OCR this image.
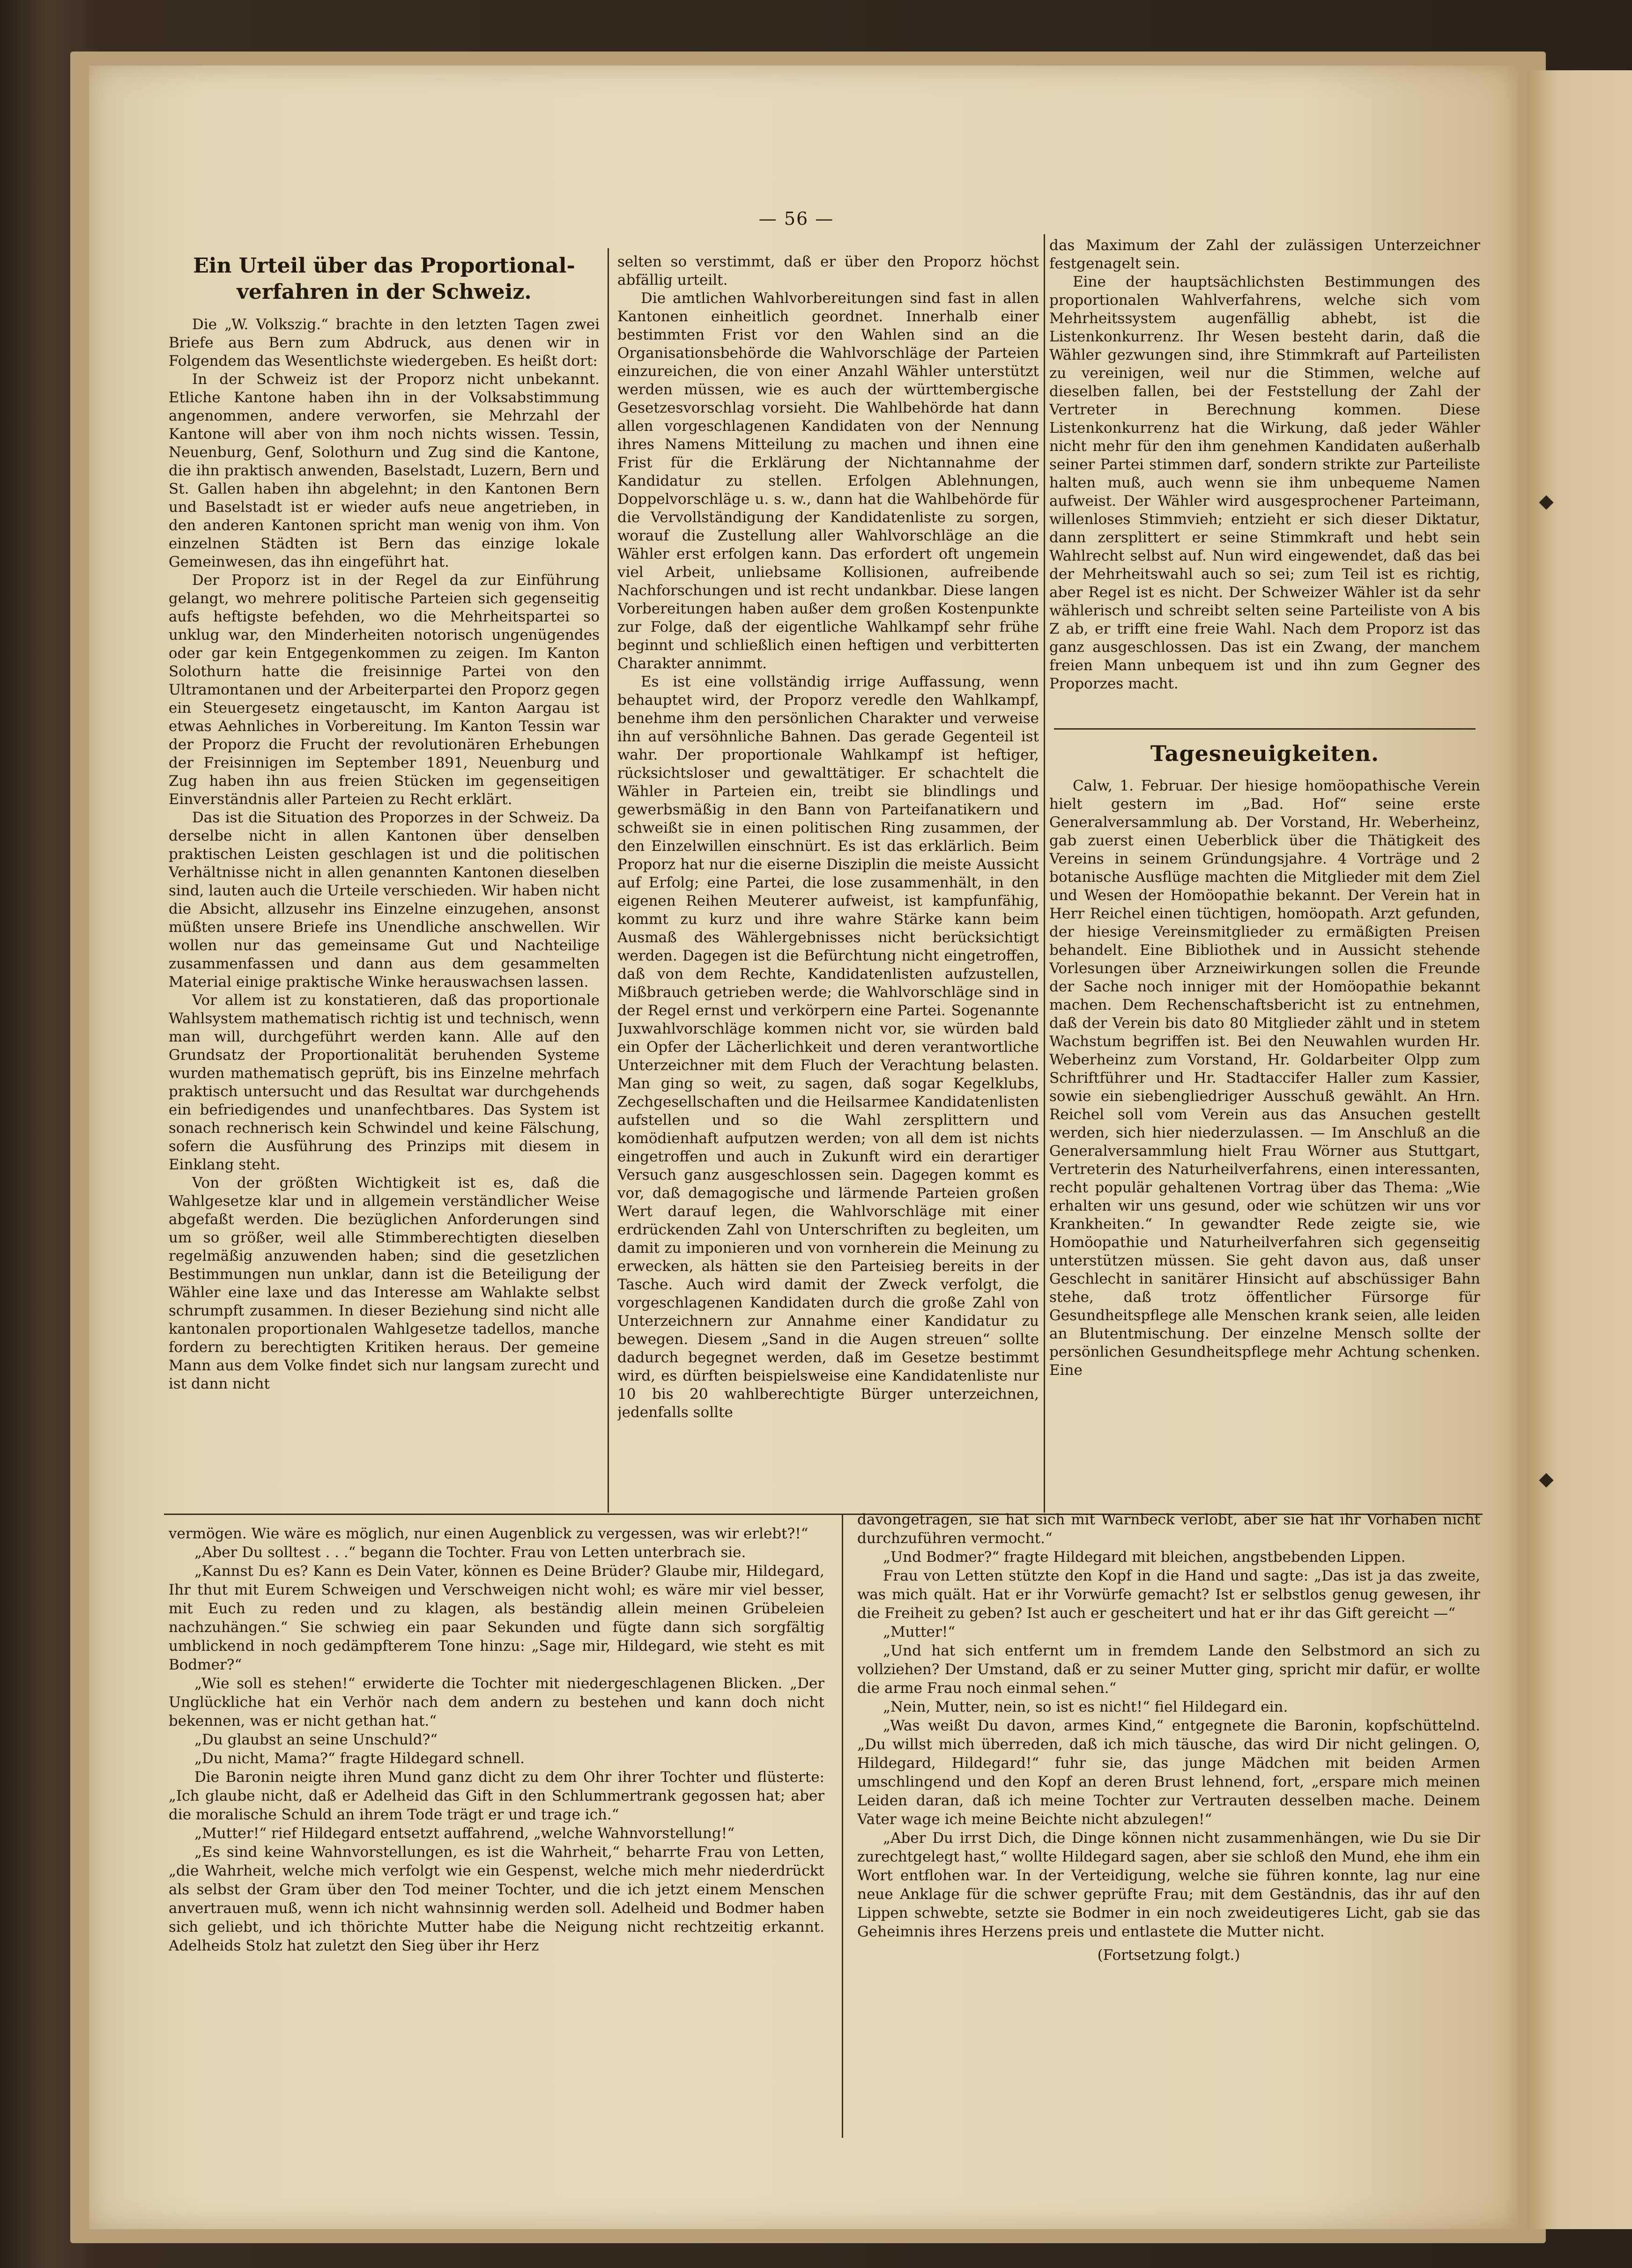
— 56 —
Ein Urteil über das Proportional-verfahren in der Schweiz.

Die „W. Volkszig.“ brachte in den letzten Tagen zwei Briefe aus Bern zum Abdruck, aus denen wir in Folgendem das Wesentlichste wiedergeben. Es heißt dort:

In der Schweiz ist der Proporz nicht unbekannt. Etliche Kantone haben ihn in der Volksabstimmung angenommen, andere verworfen, sie Mehrzahl der Kantone will aber von ihm noch nichts wissen. Tessin, Neuenburg, Genf, Solothurn und Zug sind die Kantone, die ihn praktisch anwenden, Baselstadt, Luzern, Bern und St. Gallen haben ihn abgelehnt; in den Kantonen Bern und Baselstadt ist er wieder aufs neue angetrieben, in den anderen Kantonen spricht man wenig von ihm. Von einzelnen Städten ist Bern das einzige lokale Gemeinwesen, das ihn eingeführt hat.

Der Proporz ist in der Regel da zur Einführung gelangt, wo mehrere politische Parteien sich gegenseitig aufs heftigste befehden, wo die Mehrheitspartei so unklug war, den Minderheiten notorisch ungenügendes oder gar kein Entgegenkommen zu zeigen. Im Kanton Solothurn hatte die freisinnige Partei von den Ultramontanen und der Arbeiterpartei den Proporz gegen ein Steuergesetz eingetauscht, im Kanton Aargau ist etwas Aehnliches in Vorbereitung. Im Kanton Tessin war der Proporz die Frucht der revolutionären Erhebungen der Freisinnigen im September 1891, Neuenburg und Zug haben ihn aus freien Stücken im gegenseitigen Einverständnis aller Parteien zu Recht erklärt.

Das ist die Situation des Proporzes in der Schweiz. Da derselbe nicht in allen Kantonen über denselben praktischen Leisten geschlagen ist und die politischen Verhältnisse nicht in allen genannten Kantonen dieselben sind, lauten auch die Urteile verschieden. Wir haben nicht die Absicht, allzusehr ins Einzelne einzugehen, ansonst müßten unsere Briefe ins Unendliche anschwellen. Wir wollen nur das gemeinsame Gut und Nachteilige zusammenfassen und dann aus dem gesammelten Material einige praktische Winke herauswachsen lassen.

Vor allem ist zu konstatieren, daß das proportionale Wahlsystem mathematisch richtig ist und technisch, wenn man will, durchgeführt werden kann. Alle auf den Grundsatz der Proportionalität beruhenden Systeme wurden mathematisch geprüft, bis ins Einzelne mehrfach praktisch untersucht und das Resultat war durchgehends ein befriedigendes und unanfechtbares. Das System ist sonach rechnerisch kein Schwindel und keine Fälschung, sofern die Ausführung des Prinzips mit diesem in Einklang steht.

Von der größten Wichtigkeit ist es, daß die Wahlgesetze klar und in allgemein verständlicher Weise abgefaßt werden. Die bezüglichen Anforderungen sind um so größer, weil alle Stimmberechtigten dieselben regelmäßig anzuwenden haben; sind die gesetzlichen Bestimmungen nun unklar, dann ist die Beteiligung der Wähler eine laxe und das Interesse am Wahlakte selbst schrumpft zusammen. In dieser Beziehung sind nicht alle kantonalen proportionalen Wahlgesetze tadellos, manche fordern zu berechtigten Kritiken heraus. Der gemeine Mann aus dem Volke findet sich nur langsam zurecht und ist dann nicht

selten so verstimmt, daß er über den Proporz höchst abfällig urteilt.

Die amtlichen Wahlvorbereitungen sind fast in allen Kantonen einheitlich geordnet. Innerhalb einer bestimmten Frist vor den Wahlen sind an die Organisationsbehörde die Wahlvorschläge der Parteien einzureichen, die von einer Anzahl Wähler unterstützt werden müssen, wie es auch der württembergische Gesetzesvorschlag vorsieht. Die Wahlbehörde hat dann allen vorgeschlagenen Kandidaten von der Nennung ihres Namens Mitteilung zu machen und ihnen eine Frist für die Erklärung der Nichtannahme der Kandidatur zu stellen. Erfolgen Ablehnungen, Doppelvorschläge u. s. w., dann hat die Wahlbehörde für die Vervollständigung der Kandidatenliste zu sorgen, worauf die Zustellung aller Wahlvorschläge an die Wähler erst erfolgen kann. Das erfordert oft ungemein viel Arbeit, unliebsame Kollisionen, aufreibende Nachforschungen und ist recht undankbar. Diese langen Vorbereitungen haben außer dem großen Kostenpunkte zur Folge, daß der eigentliche Wahlkampf sehr frühe beginnt und schließlich einen heftigen und verbitterten Charakter annimmt.

Es ist eine vollständig irrige Auffassung, wenn behauptet wird, der Proporz veredle den Wahlkampf, benehme ihm den persönlichen Charakter und verweise ihn auf versöhnliche Bahnen. Das gerade Gegenteil ist wahr. Der proportionale Wahlkampf ist heftiger, rücksichtsloser und gewalttätiger. Er schachtelt die Wähler in Parteien ein, treibt sie blindlings und gewerbsmäßig in den Bann von Parteifanatikern und schweißt sie in einen politischen Ring zusammen, der den Einzelwillen einschnürt. Es ist das erklärlich. Beim Proporz hat nur die eiserne Disziplin die meiste Aussicht auf Erfolg; eine Partei, die lose zusammenhält, in den eigenen Reihen Meuterer aufweist, ist kampfunfähig, kommt zu kurz und ihre wahre Stärke kann beim Ausmaß des Wählergebnisses nicht berücksichtigt werden. Dagegen ist die Befürchtung nicht eingetroffen, daß von dem Rechte, Kandidatenlisten aufzustellen, Mißbrauch getrieben werde; die Wahlvorschläge sind in der Regel ernst und verkörpern eine Partei. Sogenannte Juxwahlvorschläge kommen nicht vor, sie würden bald ein Opfer der Lächerlichkeit und deren verantwortliche Unterzeichner mit dem Fluch der Verachtung belasten. Man ging so weit, zu sagen, daß sogar Kegelklubs, Zechgesellschaften und die Heilsarmee Kandidatenlisten aufstellen und so die Wahl zersplittern und komödienhaft aufputzen werden; von all dem ist nichts eingetroffen und auch in Zukunft wird ein derartiger Versuch ganz ausgeschlossen sein. Dagegen kommt es vor, daß demagogische und lärmende Parteien großen Wert darauf legen, die Wahlvorschläge mit einer erdrückenden Zahl von Unterschriften zu begleiten, um damit zu imponieren und von vornherein die Meinung zu erwecken, als hätten sie den Parteisieg bereits in der Tasche. Auch wird damit der Zweck verfolgt, die vorgeschlagenen Kandidaten durch die große Zahl von Unterzeichnern zur Annahme einer Kandidatur zu bewegen. Diesem „Sand in die Augen streuen“ sollte dadurch begegnet werden, daß im Gesetze bestimmt wird, es dürften beispielsweise eine Kandidatenliste nur 10 bis 20 wahlberechtigte Bürger unterzeichnen, jedenfalls sollte

das Maximum der Zahl der zulässigen Unterzeichner festgenagelt sein.

Eine der hauptsächlichsten Bestimmungen des proportionalen Wahlverfahrens, welche sich vom Mehrheitssystem augenfällig abhebt, ist die Listenkonkurrenz. Ihr Wesen besteht darin, daß die Wähler gezwungen sind, ihre Stimmkraft auf Parteilisten zu vereinigen, weil nur die Stimmen, welche auf dieselben fallen, bei der Feststellung der Zahl der Vertreter in Berechnung kommen. Diese Listenkonkurrenz hat die Wirkung, daß jeder Wähler nicht mehr für den ihm genehmen Kandidaten außerhalb seiner Partei stimmen darf, sondern strikte zur Parteiliste halten muß, auch wenn sie ihm unbequeme Namen aufweist. Der Wähler wird ausgesprochener Parteimann, willenloses Stimmvieh; entzieht er sich dieser Diktatur, dann zersplittert er seine Stimmkraft und hebt sein Wahlrecht selbst auf. Nun wird eingewendet, daß das bei der Mehrheitswahl auch so sei; zum Teil ist es richtig, aber Regel ist es nicht. Der Schweizer Wähler ist da sehr wählerisch und schreibt selten seine Parteiliste von A bis Z ab, er trifft eine freie Wahl. Nach dem Proporz ist das ganz ausgeschlossen. Das ist ein Zwang, der manchem freien Mann unbequem ist und ihn zum Gegner des Proporzes macht.

Tagesneuigkeiten.

Calw, 1. Februar. Der hiesige homöopathische Verein hielt gestern im „Bad. Hof“ seine erste Generalversammlung ab. Der Vorstand, Hr. Weberheinz, gab zuerst einen Ueberblick über die Thätigkeit des Vereins in seinem Gründungsjahre. 4 Vorträge und 2 botanische Ausflüge machten die Mitglieder mit dem Ziel und Wesen der Homöopathie bekannt. Der Verein hat in Herr Reichel einen tüchtigen, homöopath. Arzt gefunden, der hiesige Vereinsmitglieder zu ermäßigten Preisen behandelt. Eine Bibliothek und in Aussicht stehende Vorlesungen über Arzneiwirkungen sollen die Freunde der Sache noch inniger mit der Homöopathie bekannt machen. Dem Rechenschaftsbericht ist zu entnehmen, daß der Verein bis dato 80 Mitglieder zählt und in stetem Wachstum begriffen ist. Bei den Neuwahlen wurden Hr. Weberheinz zum Vorstand, Hr. Goldarbeiter Olpp zum Schriftführer und Hr. Stadtaccifer Haller zum Kassier, sowie ein siebengliedriger Ausschuß gewählt. An Hrn. Reichel soll vom Verein aus das Ansuchen gestellt werden, sich hier niederzulassen. — Im Anschluß an die Generalversammlung hielt Frau Wörner aus Stuttgart, Vertreterin des Naturheilverfahrens, einen interessanten, recht populär gehaltenen Vortrag über das Thema: „Wie erhalten wir uns gesund, oder wie schützen wir uns vor Krankheiten.“ In gewandter Rede zeigte sie, wie Homöopathie und Naturheilverfahren sich gegenseitig unterstützen müssen. Sie geht davon aus, daß unser Geschlecht in sanitärer Hinsicht auf abschüssiger Bahn stehe, daß trotz öffentlicher Fürsorge für Gesundheitspflege alle Menschen krank seien, alle leiden an Blutentmischung. Der einzelne Mensch sollte der persönlichen Gesundheitspflege mehr Achtung schenken. Eine

vermögen. Wie wäre es möglich, nur einen Augenblick zu vergessen, was wir erlebt?!“

„Aber Du solltest . . .“ begann die Tochter. Frau von Letten unterbrach sie.

„Kannst Du es? Kann es Dein Vater, können es Deine Brüder? Glaube mir, Hildegard, Ihr thut mit Eurem Schweigen und Verschweigen nicht wohl; es wäre mir viel besser, mit Euch zu reden und zu klagen, als beständig allein meinen Grübeleien nachzuhängen.“ Sie schwieg ein paar Sekunden und fügte dann sich sorgfältig umblickend in noch gedämpfterem Tone hinzu: „Sage mir, Hildegard, wie steht es mit Bodmer?“

„Wie soll es stehen!“ erwiderte die Tochter mit niedergeschlagenen Blicken. „Der Unglückliche hat ein Verhör nach dem andern zu bestehen und kann doch nicht bekennen, was er nicht gethan hat.“

„Du glaubst an seine Unschuld?“

„Du nicht, Mama?“ fragte Hildegard schnell.

Die Baronin neigte ihren Mund ganz dicht zu dem Ohr ihrer Tochter und flüsterte: „Ich glaube nicht, daß er Adelheid das Gift in den Schlummertrank gegossen hat; aber die moralische Schuld an ihrem Tode trägt er und trage ich.“

„Mutter!“ rief Hildegard entsetzt auffahrend, „welche Wahnvorstellung!“

„Es sind keine Wahnvorstellungen, es ist die Wahrheit,“ beharrte Frau von Letten, „die Wahrheit, welche mich verfolgt wie ein Gespenst, welche mich mehr niederdrückt als selbst der Gram über den Tod meiner Tochter, und die ich jetzt einem Menschen anvertrauen muß, wenn ich nicht wahnsinnig werden soll. Adelheid und Bodmer haben sich geliebt, und ich thörichte Mutter habe die Neigung nicht rechtzeitig erkannt. Adelheids Stolz hat zuletzt den Sieg über ihr Herz

davongetragen, sie hat sich mit Warnbeck verlobt, aber sie hat ihr Vorhaben nicht durchzuführen vermocht.“

„Und Bodmer?“ fragte Hildegard mit bleichen, angstbebenden Lippen.

Frau von Letten stützte den Kopf in die Hand und sagte: „Das ist ja das zweite, was mich quält. Hat er ihr Vorwürfe gemacht? Ist er selbstlos genug gewesen, ihr die Freiheit zu geben? Ist auch er gescheitert und hat er ihr das Gift gereicht —“

„Mutter!“

„Und hat sich entfernt um in fremdem Lande den Selbstmord an sich zu vollziehen? Der Umstand, daß er zu seiner Mutter ging, spricht mir dafür, er wollte die arme Frau noch einmal sehen.“

„Nein, Mutter, nein, so ist es nicht!“ fiel Hildegard ein.

„Was weißt Du davon, armes Kind,“ entgegnete die Baronin, kopfschüttelnd. „Du willst mich überreden, daß ich mich täusche, das wird Dir nicht gelingen. O, Hildegard, Hildegard!“ fuhr sie, das junge Mädchen mit beiden Armen umschlingend und den Kopf an deren Brust lehnend, fort, „erspare mich meinen Leiden daran, daß ich meine Tochter zur Vertrauten desselben mache. Deinem Vater wage ich meine Beichte nicht abzulegen!“

„Aber Du irrst Dich, die Dinge können nicht zusammenhängen, wie Du sie Dir zurechtgelegt hast,“ wollte Hildegard sagen, aber sie schloß den Mund, ehe ihm ein Wort entflohen war. In der Verteidigung, welche sie führen konnte, lag nur eine neue Anklage für die schwer geprüfte Frau; mit dem Geständnis, das ihr auf den Lippen schwebte, setzte sie Bodmer in ein noch zweideutigeres Licht, gab sie das Geheimnis ihres Herzens preis und entlastete die Mutter nicht.

(Fortsetzung folgt.)
